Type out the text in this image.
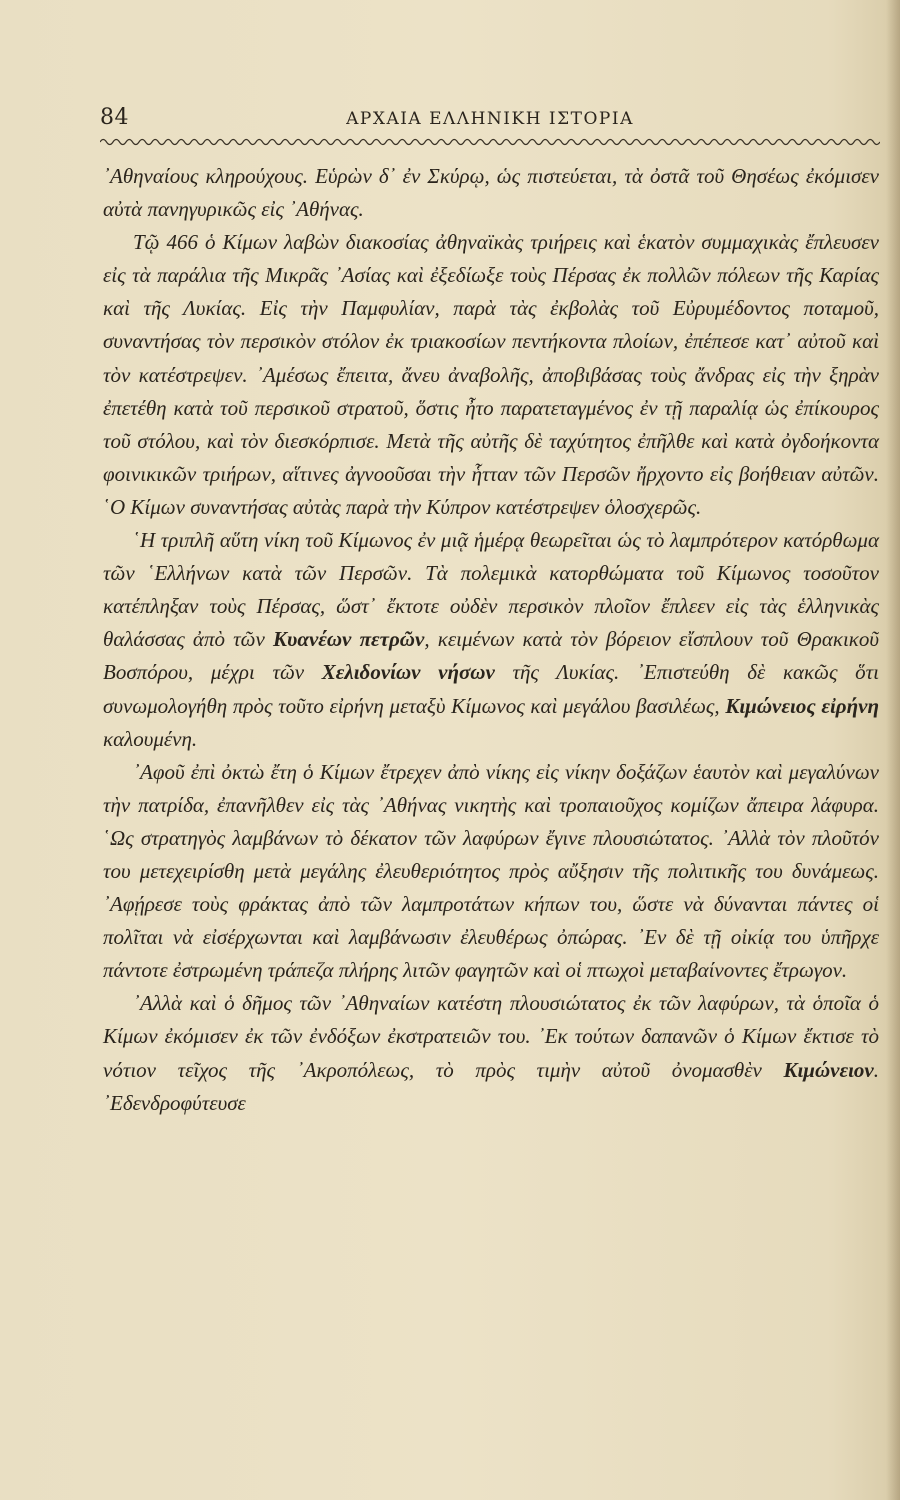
84	ΑΡΧΑΙΑ ΕΛΛΗΝΙΚΗ ΙΣΤΟΡΙΑ

᾿Αθηναίους κληρούχους. Εὑρὼν δ᾿ ἐν Σκύρῳ, ὡς πιστεύεται, τὰ ὀστᾶ τοῦ Θησέως ἐκόμισεν αὐτὰ πανηγυρικῶς εἰς ᾿Αθήνας.

Τῷ 466 ὁ Κίμων λαβὼν διακοσίας ἀθηναϊκὰς τριήρεις καὶ ἑκατὸν συμμαχικὰς ἔπλευσεν εἰς τὰ παράλια τῆς Μικρᾶς ᾿Ασίας καὶ ἐξεδίωξε τοὺς Πέρσας ἐκ πολλῶν πόλεων τῆς Καρίας καὶ τῆς Λυκίας. Εἰς τὴν Παμφυλίαν, παρὰ τὰς ἐκβολὰς τοῦ Εὐρυμέδοντος ποταμοῦ, συναντήσας τὸν περσικὸν στόλον ἐκ τριακοσίων πεντήκοντα πλοίων, ἐπέπεσε κατ᾿ αὐτοῦ καὶ τὸν κατέστρεψεν. ᾿Αμέσως ἔπειτα, ἄνευ ἀναβολῆς, ἀποβιβάσας τοὺς ἄνδρας εἰς τὴν ξηρὰν ἐπετέθη κατὰ τοῦ περσικοῦ στρατοῦ, ὅστις ἦτο παρατεταγμένος ἐν τῇ παραλίᾳ ὡς ἐπίκουρος τοῦ στόλου, καὶ τὸν διεσκόρπισε. Μετὰ τῆς αὐτῆς δὲ ταχύτητος ἐπῆλθε καὶ κατὰ ὀγδοήκοντα φοινικικῶν τριήρων, αἵτινες ἀγνοοῦσαι τὴν ἧτταν τῶν Περσῶν ἤρχοντο εἰς βοήθειαν αὐτῶν. ῾Ο Κίμων συναντήσας αὐτὰς παρὰ τὴν Κύπρον κατέστρεψεν ὁλοσχερῶς.

῾Η τριπλῆ αὕτη νίκη τοῦ Κίμωνος ἐν μιᾷ ἡμέρᾳ θεωρεῖται ὡς τὸ λαμπρότερον κατόρθωμα τῶν ῾Ελλήνων κατὰ τῶν Περσῶν. Τὰ πολεμικὰ κατορθώματα τοῦ Κίμωνος τοσοῦτον κατέπληξαν τοὺς Πέρσας, ὥστ᾿ ἔκτοτε οὐδὲν περσικὸν πλοῖον ἔπλεεν εἰς τὰς ἑλληνικὰς θαλάσσας ἀπὸ τῶν Κυανέων πετρῶν, κειμένων κατὰ τὸν βόρειον εἴσπλουν τοῦ Θρακικοῦ Βοσπόρου, μέχρι τῶν Χελιδονίων νήσων τῆς Λυκίας. ᾿Επιστεύθη δὲ κακῶς ὅτι συνωμολογήθη πρὸς τοῦτο εἰρήνη μεταξὺ Κίμωνος καὶ μεγάλου βασιλέως, Κιμώνειος εἰρήνη καλουμένη.

᾿Αφοῦ ἐπὶ ὀκτὼ ἔτη ὁ Κίμων ἔτρεχεν ἀπὸ νίκης εἰς νίκην δοξάζων ἑαυτὸν καὶ μεγαλύνων τὴν πατρίδα, ἐπανῆλθεν εἰς τὰς ᾿Αθήνας νικητὴς καὶ τροπαιοῦχος κομίζων ἄπειρα λάφυρα. ῾Ως στρατηγὸς λαμβάνων τὸ δέκατον τῶν λαφύρων ἔγινε πλουσιώτατος. ᾿Αλλὰ τὸν πλοῦτόν του μετεχειρίσθη μετὰ μεγάλης ἐλευθεριότητος πρὸς αὔξησιν τῆς πολιτικῆς του δυνάμεως. ᾿Αφῄρεσε τοὺς φράκτας ἀπὸ τῶν λαμπροτάτων κήπων του, ὥστε νὰ δύνανται πάντες οἱ πολῖται νὰ εἰσέρχωνται καὶ λαμβάνωσιν ἐλευθέρως ὀπώρας. ᾿Εν δὲ τῇ οἰκίᾳ του ὑπῆρχε πάντοτε ἐστρωμένη τράπεζα πλήρης λιτῶν φαγητῶν καὶ οἱ πτωχοὶ μεταβαίνοντες ἔτρωγον.

᾿Αλλὰ καὶ ὁ δῆμος τῶν ᾿Αθηναίων κατέστη πλουσιώτατος ἐκ τῶν λαφύρων, τὰ ὁποῖα ὁ Κίμων ἐκόμισεν ἐκ τῶν ἐνδόξων ἐκστρατειῶν του. ᾿Εκ τούτων δαπανῶν ὁ Κίμων ἔκτισε τὸ νότιον τεῖχος τῆς ᾿Ακροπόλεως, τὸ πρὸς τιμὴν αὐτοῦ ὀνομασθὲν Κιμώνειον. ᾿Εδενδροφύτευσε
